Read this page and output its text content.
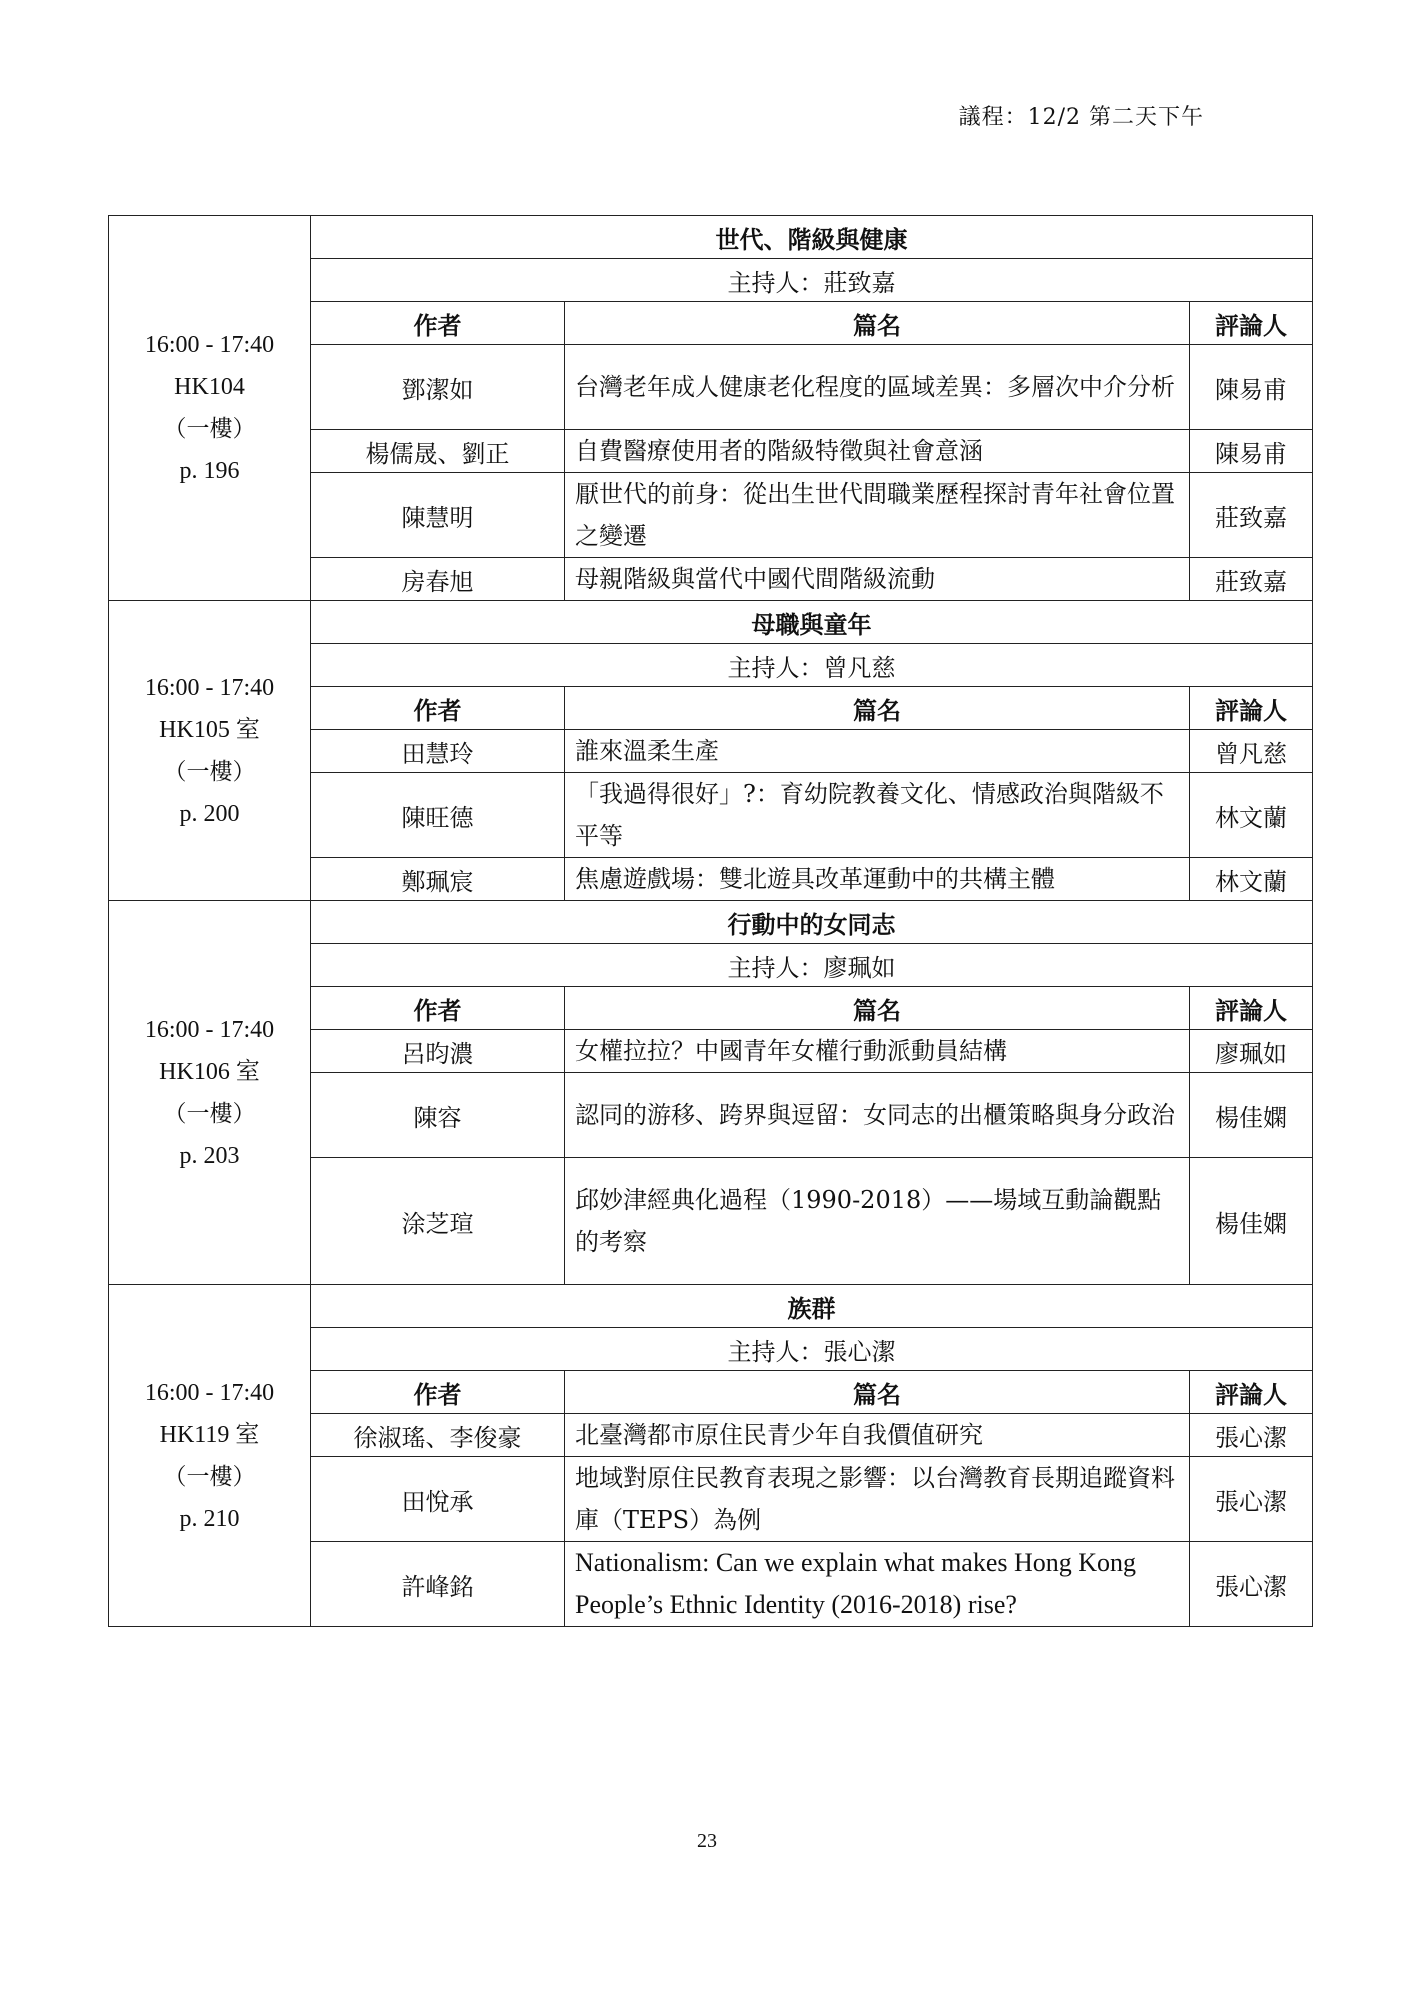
議程：12/2 第二天下午
16:00 - 17:40
HK104
（一樓）
p. 196	世代、階級與健康		
	主持人：莊致嘉		
	作者	篇名	評論人
	鄧潔如	台灣老年成人健康老化程度的區域差異：多層次中介分析	陳易甫
	楊儒晟、劉正	自費醫療使用者的階級特徵與社會意涵	陳易甫
	陳慧明	厭世代的前身：從出生世代間職業歷程探討青年社會位置之變遷	莊致嘉
	房春旭	母親階級與當代中國代間階級流動	莊致嘉

16:00 - 17:40
HK105 室
（一樓）
p. 200	母職與童年		
	主持人：曾凡慈		
	作者	篇名	評論人
	田慧玲	誰來溫柔生產	曾凡慈
	陳旺德	「我過得很好」?：育幼院教養文化、情感政治與階級不平等	林文蘭
	鄭珮宸	焦慮遊戲場：雙北遊具改革運動中的共構主體	林文蘭

16:00 - 17:40
HK106 室
（一樓）
p. 203	行動中的女同志		
	主持人：廖珮如		
	作者	篇名	評論人
	呂昀濃	女權拉拉？中國青年女權行動派動員結構	廖珮如
	陳容	認同的游移、跨界與逗留：女同志的出櫃策略與身分政治	楊佳嫻
	涂芝瑄	邱妙津經典化過程（1990-2018）——場域互動論觀點的考察	楊佳嫻

16:00 - 17:40
HK119 室
（一樓）
p. 210	族群		
	主持人：張心潔		
	作者	篇名	評論人
	徐淑瑤、李俊豪	北臺灣都市原住民青少年自我價值研究	張心潔
	田悅承	地域對原住民教育表現之影響：以台灣教育長期追蹤資料庫（TEPS）為例	張心潔
	許峰銘	Nationalism: Can we explain what makes Hong Kong People’s Ethnic Identity (2016-2018) rise?	張心潔
23
